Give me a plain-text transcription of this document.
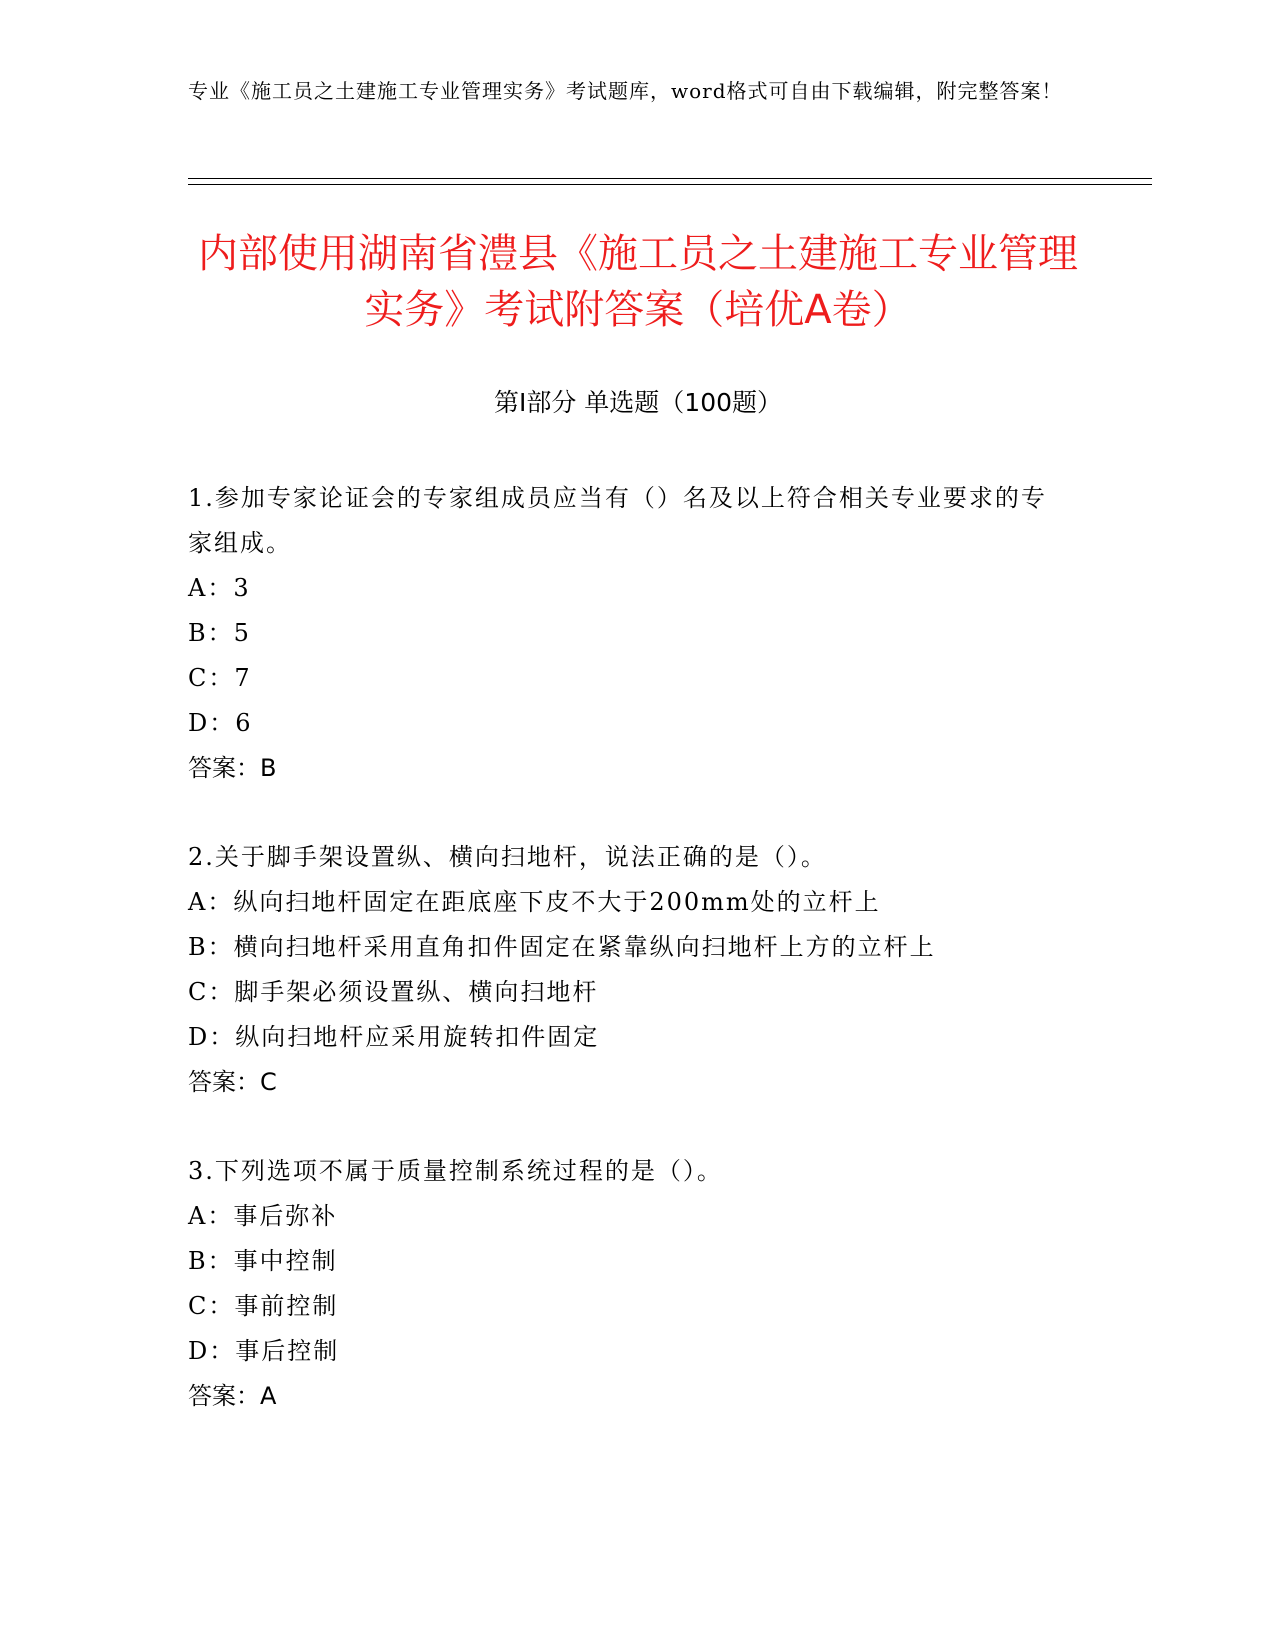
专业《施工员之土建施工专业管理实务》考试题库，word格式可自由下载编辑，附完整答案！
内部使用湖南省澧县《施工员之土建施工专业管理实务》考试附答案（培优A卷）
第Ⅰ部分 单选题（100题）

1.参加专家论证会的专家组成员应当有（）名及以上符合相关专业要求的专家组成。

A：3

B：5

C：7

D：6

答案：B

2.关于脚手架设置纵、横向扫地杆，说法正确的是（）。

A：纵向扫地杆固定在距底座下皮不大于200mm处的立杆上

B：横向扫地杆采用直角扣件固定在紧靠纵向扫地杆上方的立杆上

C：脚手架必须设置纵、横向扫地杆

D：纵向扫地杆应采用旋转扣件固定

答案：C

3.下列选项不属于质量控制系统过程的是（）。

A：事后弥补

B：事中控制

C：事前控制

D：事后控制

答案：A
